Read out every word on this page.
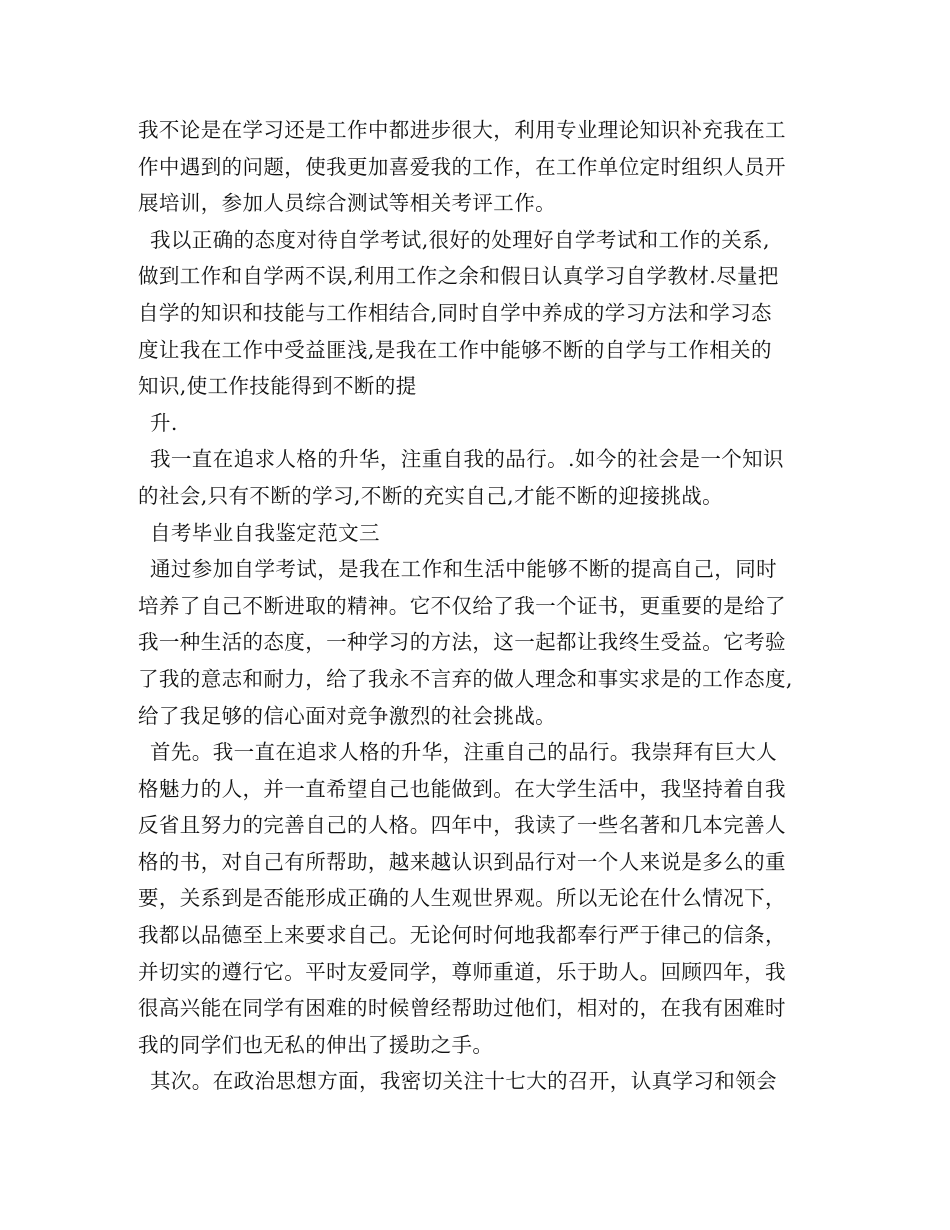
我不论是在学习还是工作中都进步很大，利用专业理论知识补充我在工
作中遇到的问题，使我更加喜爱我的工作，在工作单位定时组织人员开
展培训，参加人员综合测试等相关考评工作。
我以正确的态度对待自学考试,很好的处理好自学考试和工作的关系,
做到工作和自学两不误,利用工作之余和假日认真学习自学教材.尽量把
自学的知识和技能与工作相结合,同时自学中养成的学习方法和学习态
度让我在工作中受益匪浅,是我在工作中能够不断的自学与工作相关的
知识,使工作技能得到不断的提
升.
我一直在追求人格的升华，注重自我的品行。.如今的社会是一个知识
的社会,只有不断的学习,不断的充实自己,才能不断的迎接挑战。
自考毕业自我鉴定范文三
通过参加自学考试，是我在工作和生活中能够不断的提高自己，同时
培养了自己不断进取的精神。它不仅给了我一个证书，更重要的是给了
我一种生活的态度，一种学习的方法，这一起都让我终生受益。它考验
了我的意志和耐力，给了我永不言弃的做人理念和事实求是的工作态度,
给了我足够的信心面对竞争激烈的社会挑战。
首先。我一直在追求人格的升华，注重自己的品行。我崇拜有巨大人
格魅力的人，并一直希望自己也能做到。在大学生活中，我坚持着自我
反省且努力的完善自己的人格。四年中，我读了一些名著和几本完善人
格的书，对自己有所帮助，越来越认识到品行对一个人来说是多么的重
要，关系到是否能形成正确的人生观世界观。所以无论在什么情况下，
我都以品德至上来要求自己。无论何时何地我都奉行严于律己的信条，
并切实的遵行它。平时友爱同学，尊师重道，乐于助人。回顾四年，我
很高兴能在同学有困难的时候曾经帮助过他们，相对的，在我有困难时
我的同学们也无私的伸出了援助之手。
其次。在政治思想方面，我密切关注十七大的召开，认真学习和领会
